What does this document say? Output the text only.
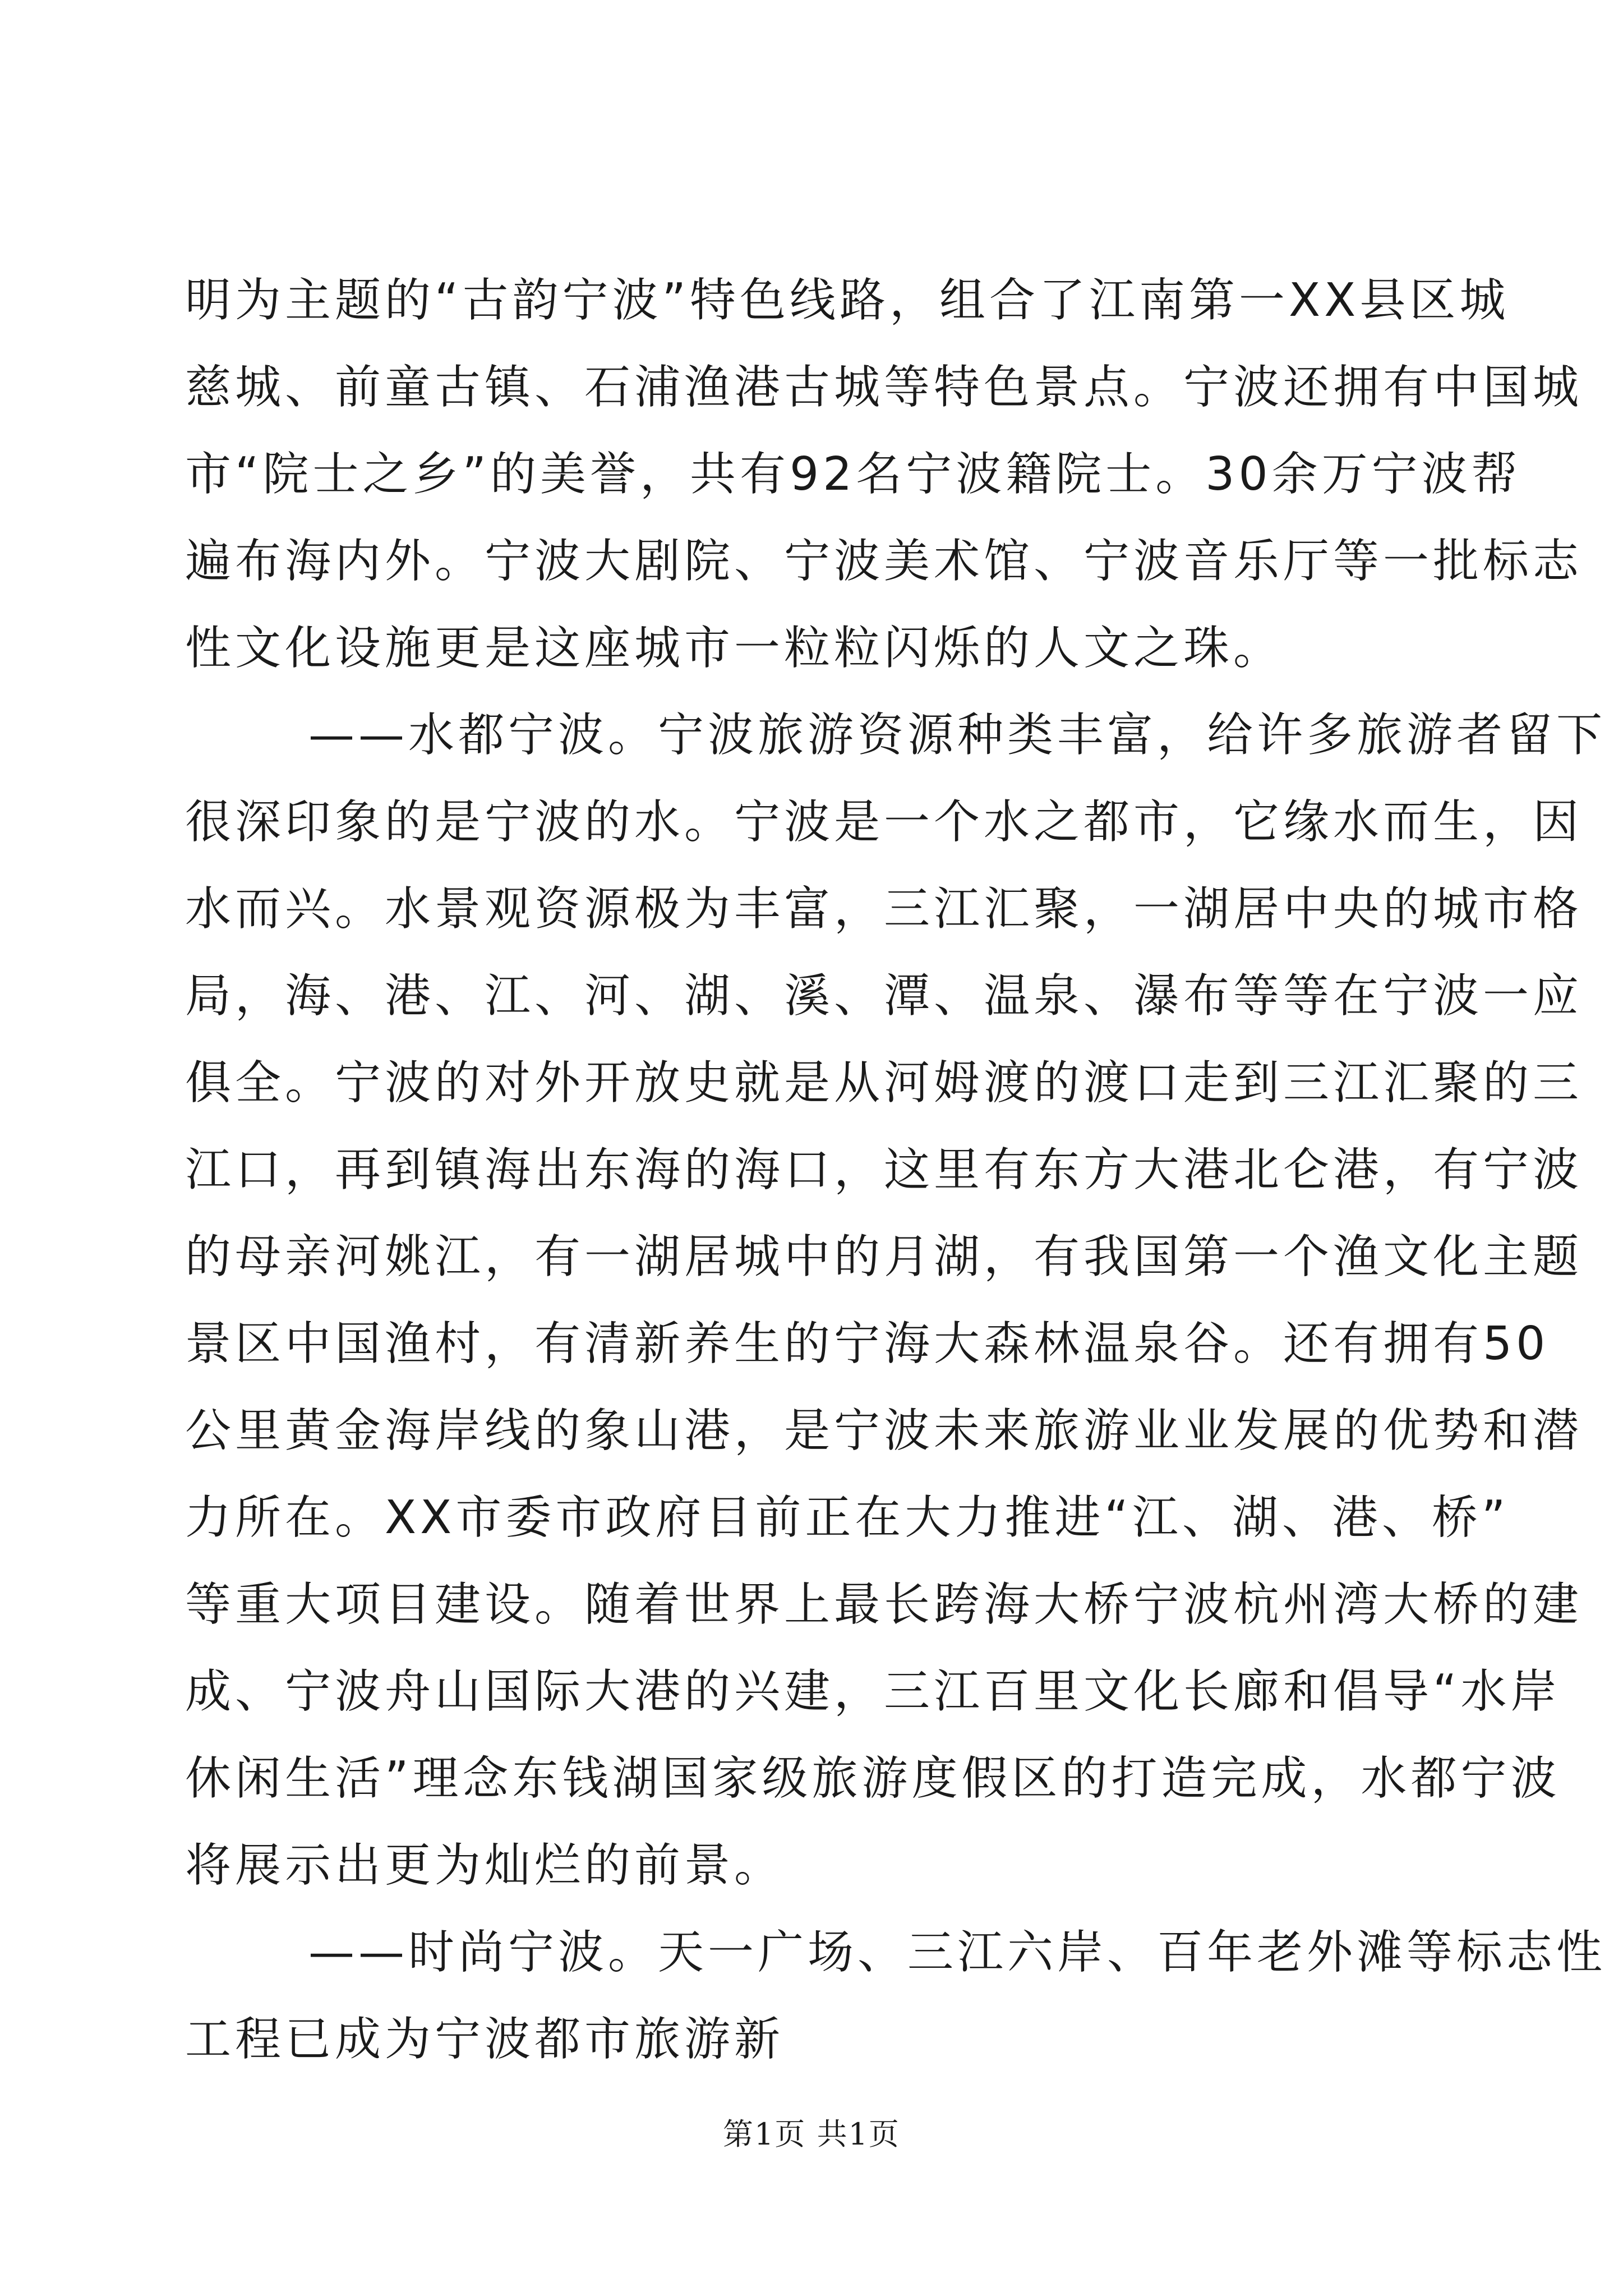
明为主题的“古韵宁波”特色线路，组合了江南第一XX县区城
慈城、前童古镇、石浦渔港古城等特色景点。宁波还拥有中国城
市“院士之乡”的美誉，共有92名宁波籍院士。30余万宁波帮
遍布海内外。宁波大剧院、宁波美术馆、宁波音乐厅等一批标志
性文化设施更是这座城市一粒粒闪烁的人文之珠。
——水都宁波。宁波旅游资源种类丰富，给许多旅游者留下
很深印象的是宁波的水。宁波是一个水之都市，它缘水而生，因
水而兴。水景观资源极为丰富，三江汇聚，一湖居中央的城市格
局，海、港、江、河、湖、溪、潭、温泉、瀑布等等在宁波一应
俱全。宁波的对外开放史就是从河姆渡的渡口走到三江汇聚的三
江口，再到镇海出东海的海口，这里有东方大港北仑港，有宁波
的母亲河姚江，有一湖居城中的月湖，有我国第一个渔文化主题
景区中国渔村，有清新养生的宁海大森林温泉谷。还有拥有50
公里黄金海岸线的象山港，是宁波未来旅游业业发展的优势和潜
力所在。XX市委市政府目前正在大力推进“江、湖、港、桥”
等重大项目建设。随着世界上最长跨海大桥宁波杭州湾大桥的建
成、宁波舟山国际大港的兴建，三江百里文化长廊和倡导“水岸
休闲生活”理念东钱湖国家级旅游度假区的打造完成，水都宁波
将展示出更为灿烂的前景。
——时尚宁波。天一广场、三江六岸、百年老外滩等标志性
工程已成为宁波都市旅游新
第1页 共1页
